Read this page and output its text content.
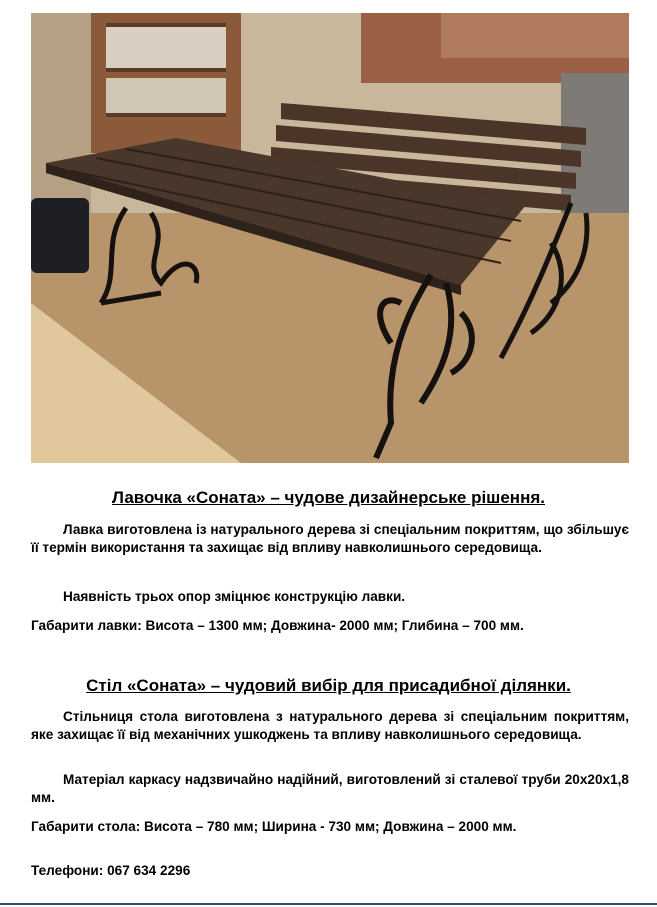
Лавочка «Соната» – чудове дизайнерське рішення.
Лавка виготовлена із натурального дерева зі спеціальним покриттям, що збільшує її термін використання та захищає від впливу навколишнього середовища.
Наявність трьох опор зміцнює конструкцію лавки.
Габарити лавки: Висота – 1300 мм; Довжина- 2000 мм; Глибина – 700 мм.
Стіл «Соната» – чудовий вибір для присадибної ділянки.
Стільниця стола виготовлена з натурального дерева зі спеціальним покриттям, яке захищає її від механічних ушкоджень та впливу навколишнього середовища.
Матеріал каркасу надзвичайно надійний, виготовлений зі сталевої труби 20х20х1,8 мм.
Габарити стола: Висота – 780 мм; Ширина - 730 мм; Довжина – 2000 мм.
Телефони: 067 634 2296
